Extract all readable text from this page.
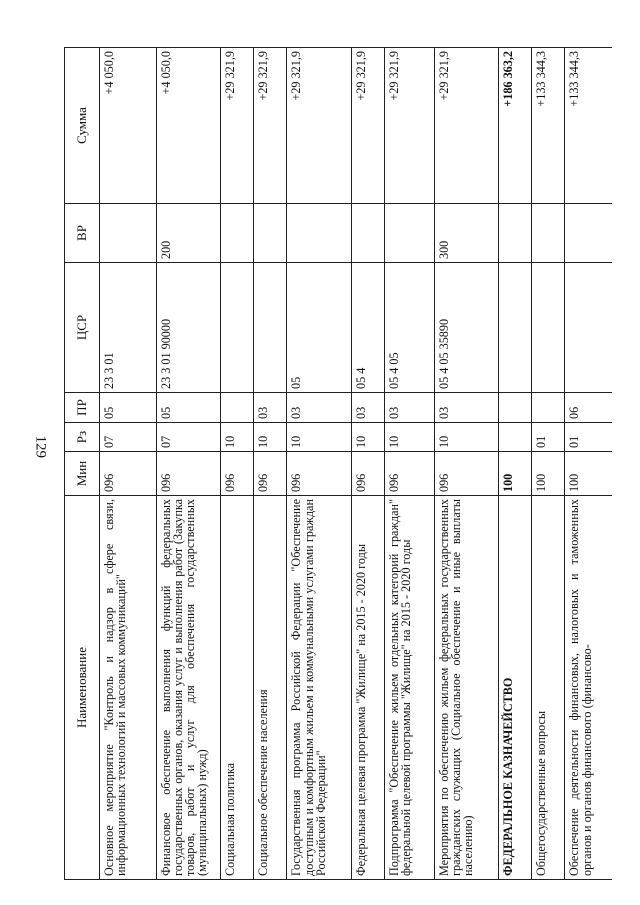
129
Наименование	Мин	Рз	ПР	ЦСР	ВР	Сумма
Основное мероприятие "Контроль и надзор в сфере связи, информационных технологий и массовых коммуникаций"	096	07	05	23 3 01		+4 050,0
Финансовое обеспечение выполнения функций федеральных государственных органов, оказания услуг и выполнения работ (Закупка товаров, работ и услуг для обеспечения государственных (муниципальных) нужд)	096	07	05	23 3 01 90000	200	+4 050,0
Социальная политика	096	10				+29 321,9
Социальное обеспечение населения	096	10	03			+29 321,9
Государственная программа Российской Федерации "Обеспечение доступным и комфортным жильем и коммунальными услугами граждан Российской Федерации"	096	10	03	05		+29 321,9
Федеральная целевая программа "Жилище" на 2015 - 2020 годы	096	10	03	05 4		+29 321,9
Подпрограмма "Обеспечение жильем отдельных категорий граждан" федеральной целевой программы "Жилище" на 2015 - 2020 годы	096	10	03	05 4 05		+29 321,9
Мероприятия по обеспечению жильем федеральных государственных гражданских служащих (Социальное обеспечение и иные выплаты населению)	096	10	03	05 4 05 35890	300	+29 321,9
ФЕДЕРАЛЬНОЕ КАЗНАЧЕЙСТВО	100					+186 363,2
Общегосударственные вопросы	100	01				+133 344,3
Обеспечение деятельности финансовых, налоговых и таможенных органов и органов финансового (финансово-	100	01	06			+133 344,3
